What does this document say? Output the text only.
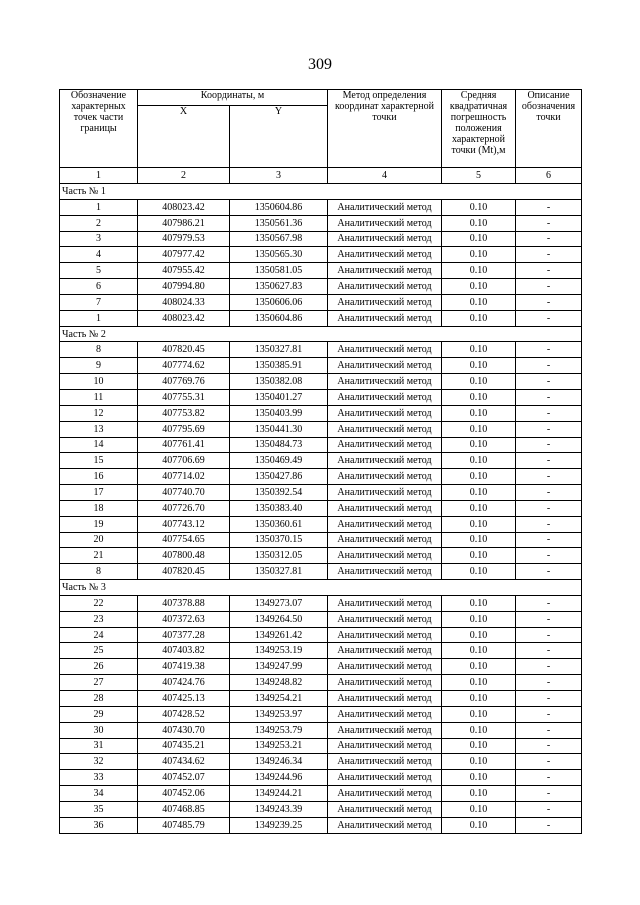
309
Обозначение характерных точек части границы	Координаты, м		Метод определения координат характерной точки	Средняя квадратичная погрешность положения характерной точки (Mt),м	Описание обозначения точки
	X	Y			
1	2	3	4	5	6
Часть № 1					
1	408023.42	1350604.86	Аналитический метод	0.10	-
2	407986.21	1350561.36	Аналитический метод	0.10	-
3	407979.53	1350567.98	Аналитический метод	0.10	-
4	407977.42	1350565.30	Аналитический метод	0.10	-
5	407955.42	1350581.05	Аналитический метод	0.10	-
6	407994.80	1350627.83	Аналитический метод	0.10	-
7	408024.33	1350606.06	Аналитический метод	0.10	-
1	408023.42	1350604.86	Аналитический метод	0.10	-
Часть № 2					
8	407820.45	1350327.81	Аналитический метод	0.10	-
9	407774.62	1350385.91	Аналитический метод	0.10	-
10	407769.76	1350382.08	Аналитический метод	0.10	-
11	407755.31	1350401.27	Аналитический метод	0.10	-
12	407753.82	1350403.99	Аналитический метод	0.10	-
13	407795.69	1350441.30	Аналитический метод	0.10	-
14	407761.41	1350484.73	Аналитический метод	0.10	-
15	407706.69	1350469.49	Аналитический метод	0.10	-
16	407714.02	1350427.86	Аналитический метод	0.10	-
17	407740.70	1350392.54	Аналитический метод	0.10	-
18	407726.70	1350383.40	Аналитический метод	0.10	-
19	407743.12	1350360.61	Аналитический метод	0.10	-
20	407754.65	1350370.15	Аналитический метод	0.10	-
21	407800.48	1350312.05	Аналитический метод	0.10	-
8	407820.45	1350327.81	Аналитический метод	0.10	-
Часть № 3					
22	407378.88	1349273.07	Аналитический метод	0.10	-
23	407372.63	1349264.50	Аналитический метод	0.10	-
24	407377.28	1349261.42	Аналитический метод	0.10	-
25	407403.82	1349253.19	Аналитический метод	0.10	-
26	407419.38	1349247.99	Аналитический метод	0.10	-
27	407424.76	1349248.82	Аналитический метод	0.10	-
28	407425.13	1349254.21	Аналитический метод	0.10	-
29	407428.52	1349253.97	Аналитический метод	0.10	-
30	407430.70	1349253.79	Аналитический метод	0.10	-
31	407435.21	1349253.21	Аналитический метод	0.10	-
32	407434.62	1349246.34	Аналитический метод	0.10	-
33	407452.07	1349244.96	Аналитический метод	0.10	-
34	407452.06	1349244.21	Аналитический метод	0.10	-
35	407468.85	1349243.39	Аналитический метод	0.10	-
36	407485.79	1349239.25	Аналитический метод	0.10	-
